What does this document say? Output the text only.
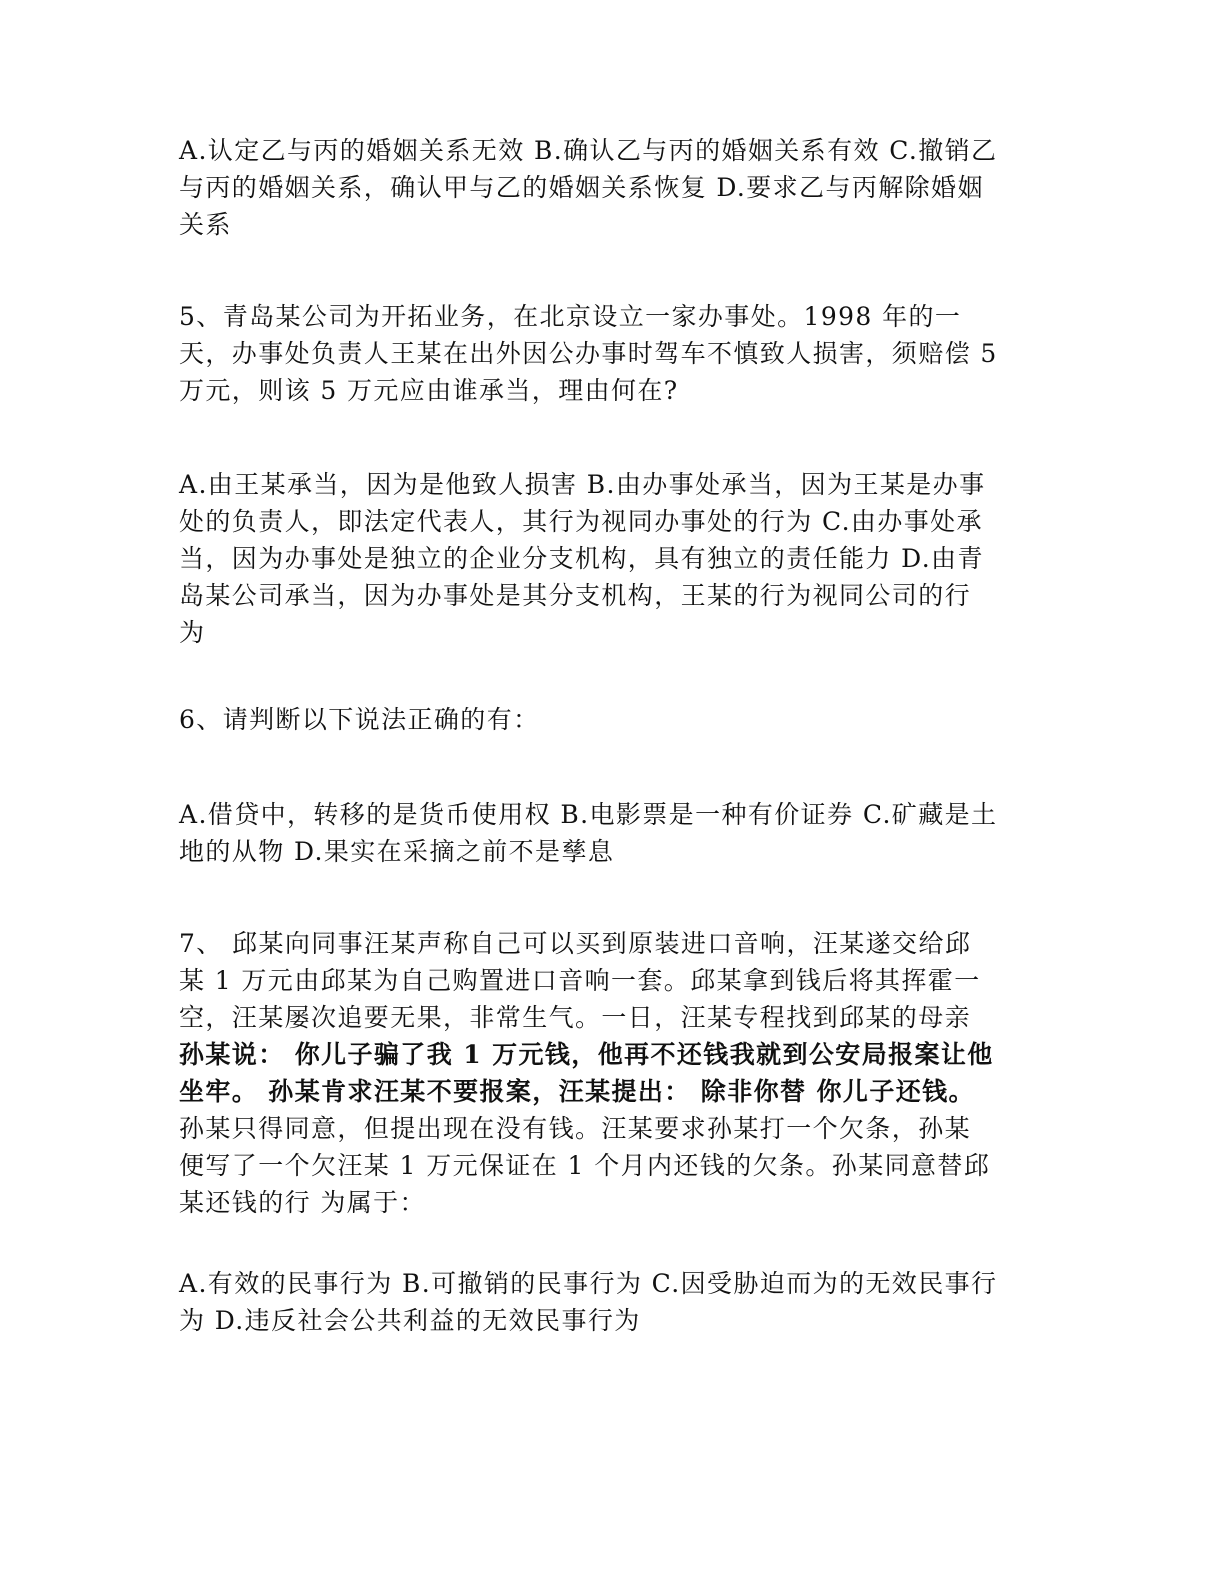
A.认定乙与丙的婚姻关系无效 B.确认乙与丙的婚姻关系有效 C.撤销乙
与丙的婚姻关系，确认甲与乙的婚姻关系恢复 D.要求乙与丙解除婚姻
关系

5、青岛某公司为开拓业务，在北京设立一家办事处。1998 年的一
天，办事处负责人王某在出外因公办事时驾车不慎致人损害，须赔偿 5
万元，则该 5 万元应由谁承当，理由何在?

A.由王某承当，因为是他致人损害 B.由办事处承当，因为王某是办事
处的负责人，即法定代表人，其行为视同办事处的行为 C.由办事处承
当，因为办事处是独立的企业分支机构，具有独立的责任能力 D.由青
岛某公司承当，因为办事处是其分支机构，王某的行为视同公司的行
为

6、请判断以下说法正确的有：

A.借贷中，转移的是货币使用权 B.电影票是一种有价证券 C.矿藏是土
地的从物 D.果实在采摘之前不是孳息

7、 邱某向同事汪某声称自己可以买到原装进口音响，汪某遂交给邱
某 1 万元由邱某为自己购置进口音响一套。邱某拿到钱后将其挥霍一
空，汪某屡次追要无果，非常生气。一日，汪某专程找到邱某的母亲
孙某说： 你儿子骗了我 1 万元钱，他再不还钱我就到公安局报案让他
坐牢。 孙某肯求汪某不要报案，汪某提出： 除非你替 你儿子还钱。
孙某只得同意，但提出现在没有钱。汪某要求孙某打一个欠条，孙某
便写了一个欠汪某 1 万元保证在 1 个月内还钱的欠条。孙某同意替邱
某还钱的行 为属于：

A.有效的民事行为 B.可撤销的民事行为 C.因受胁迫而为的无效民事行
为 D.违反社会公共利益的无效民事行为
